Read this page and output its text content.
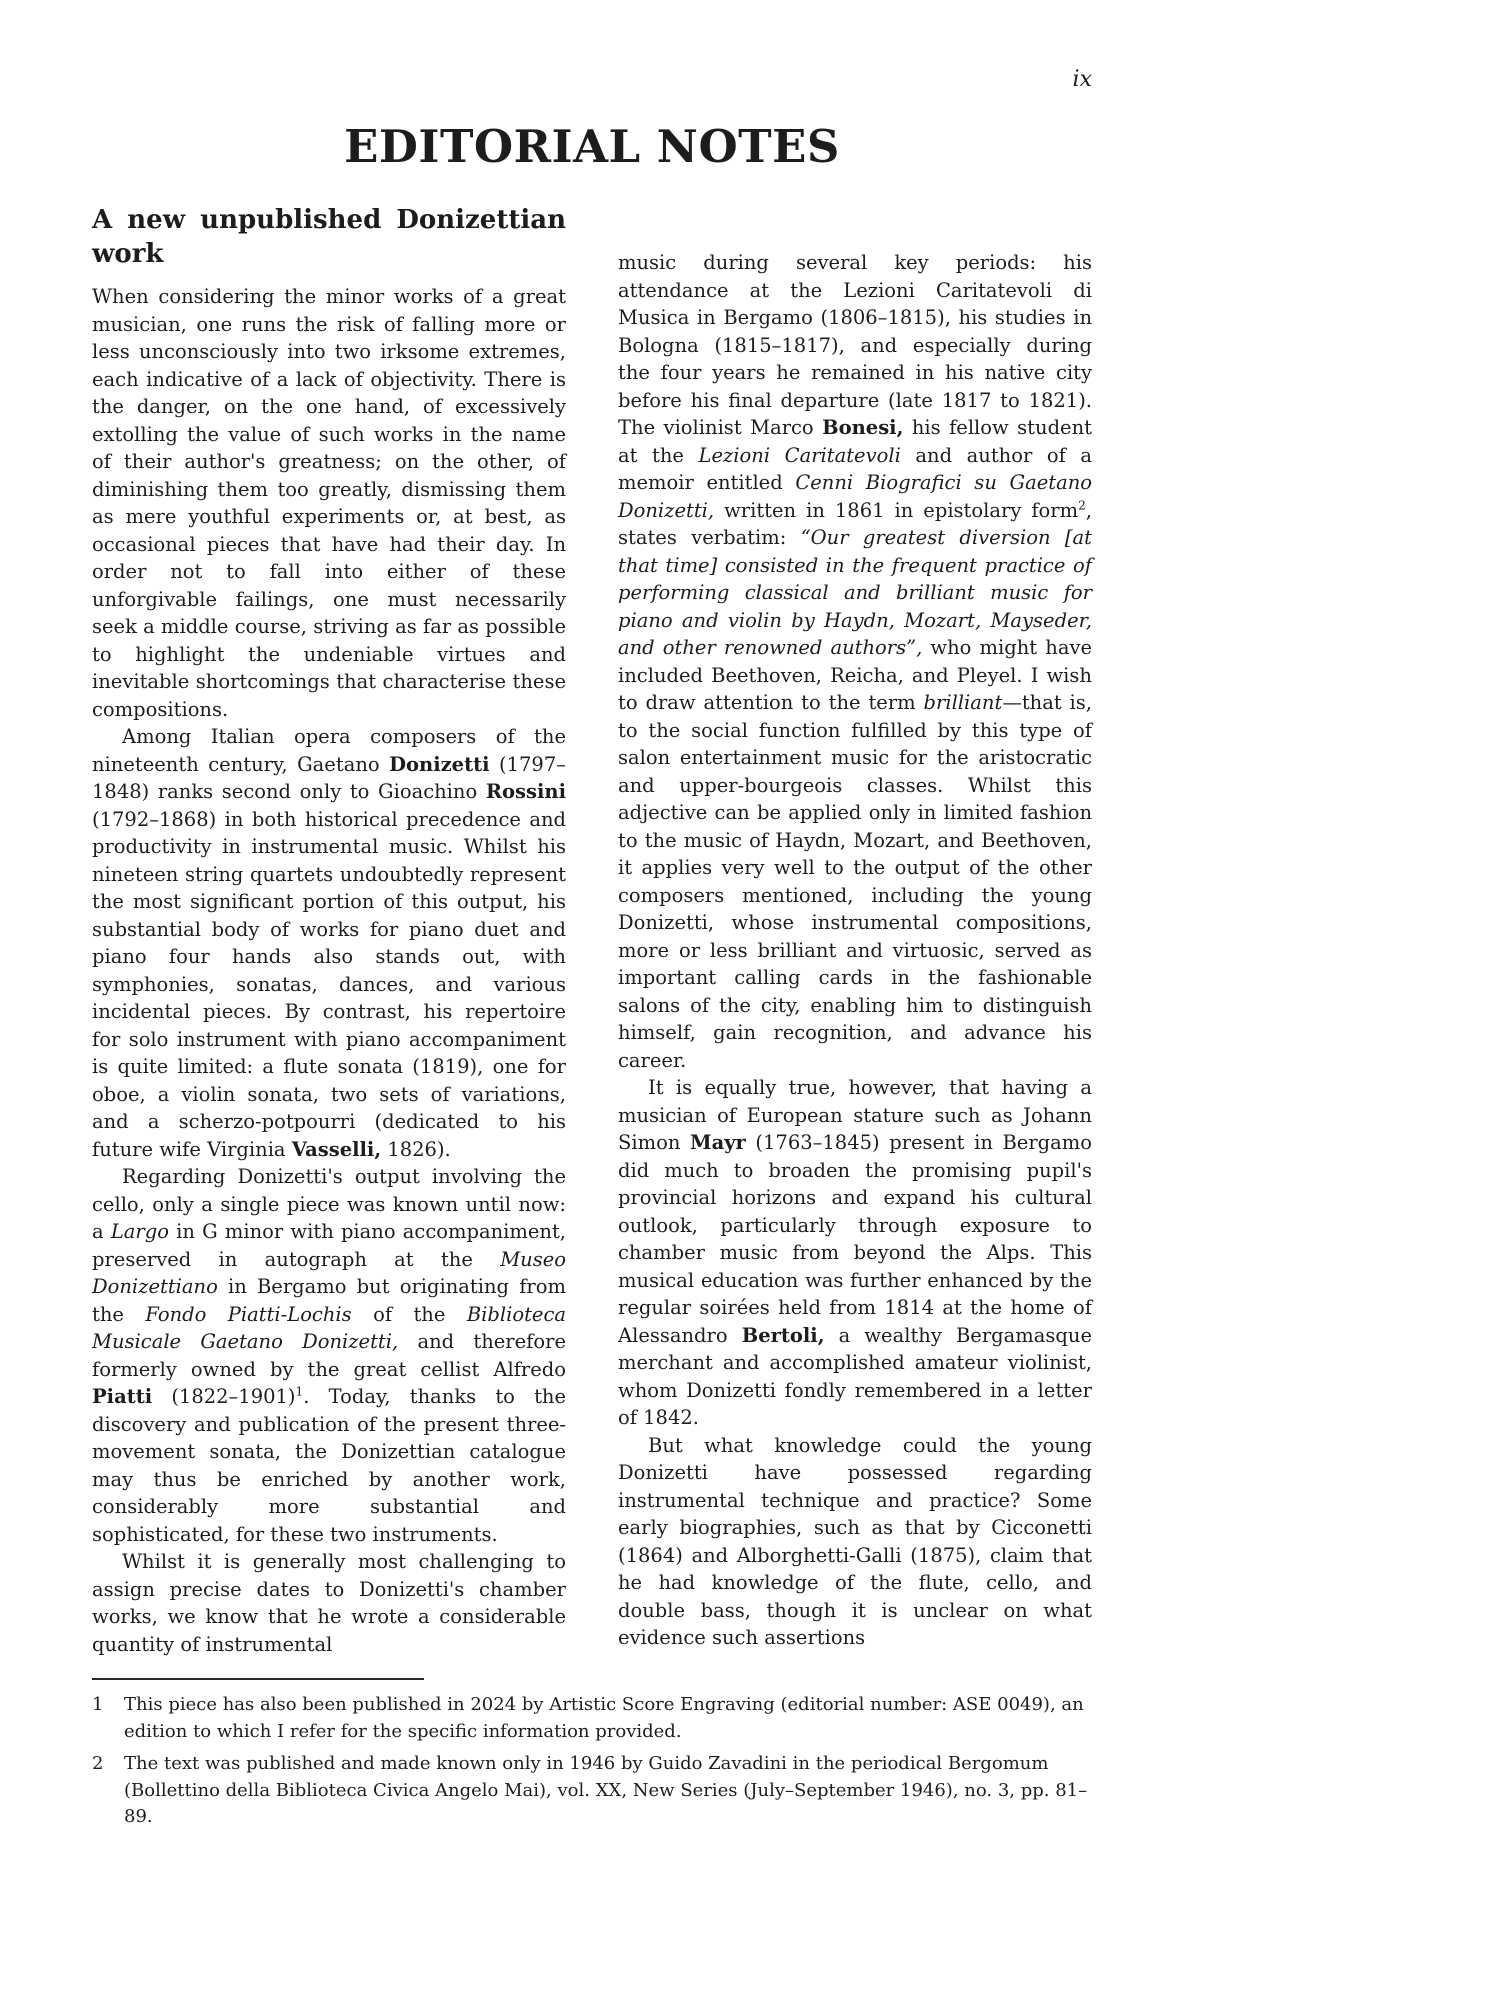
ix
EDITORIAL NOTES
A new unpublished Donizettian work

When considering the minor works of a great musician, one runs the risk of falling more or less unconsciously into two irksome extremes, each indicative of a lack of objectivity. There is the danger, on the one hand, of excessively extolling the value of such works in the name of their author's greatness; on the other, of diminishing them too greatly, dismissing them as mere youthful experiments or, at best, as occasional pieces that have had their day. In order not to fall into either of these unforgivable failings, one must necessarily seek a middle course, striving as far as possible to highlight the undeniable virtues and inevitable shortcomings that characterise these compositions.

Among Italian opera composers of the nineteenth century, Gaetano Donizetti (1797–1848) ranks second only to Gioachino Rossini (1792–1868) in both historical precedence and productivity in instrumental music. Whilst his nineteen string quartets undoubtedly represent the most significant portion of this output, his substantial body of works for piano duet and piano four hands also stands out, with symphonies, sonatas, dances, and various incidental pieces. By contrast, his repertoire for solo instrument with piano accompaniment is quite limited: a flute sonata (1819), one for oboe, a violin sonata, two sets of variations, and a scherzo-potpourri (dedicated to his future wife Virginia Vasselli, 1826).

Regarding Donizetti's output involving the cello, only a single piece was known until now: a Largo in G minor with piano accompaniment, preserved in autograph at the Museo Donizettiano in Bergamo but originating from the Fondo Piatti-Lochis of the Biblioteca Musicale Gaetano Donizetti, and therefore formerly owned by the great cellist Alfredo Piatti (1822–1901)$^1$. Today, thanks to the discovery and publication of the present three-movement sonata, the Donizettian catalogue may thus be enriched by another work, considerably more substantial and sophisticated, for these two instruments.

Whilst it is generally most challenging to assign precise dates to Donizetti's chamber works, we know that he wrote a considerable quantity of instrumental

music during several key periods: his attendance at the Lezioni Caritatevoli di Musica in Bergamo (1806–1815), his studies in Bologna (1815–1817), and especially during the four years he remained in his native city before his final departure (late 1817 to 1821). The violinist Marco Bonesi, his fellow student at the Lezioni Caritatevoli and author of a memoir entitled Cenni Biografici su Gaetano Donizetti, written in 1861 in epistolary form$^2$, states verbatim: “Our greatest diversion [at that time] consisted in the frequent practice of performing classical and brilliant music for piano and violin by Haydn, Mozart, Mayseder, and other renowned authors”, who might have included Beethoven, Reicha, and Pleyel. I wish to draw attention to the term brilliant—that is, to the social function fulfilled by this type of salon entertainment music for the aristocratic and upper-bourgeois classes. Whilst this adjective can be applied only in limited fashion to the music of Haydn, Mozart, and Beethoven, it applies very well to the output of the other composers mentioned, including the young Donizetti, whose instrumental compositions, more or less brilliant and virtuosic, served as important calling cards in the fashionable salons of the city, enabling him to distinguish himself, gain recognition, and advance his career.

It is equally true, however, that having a musician of European stature such as Johann Simon Mayr (1763–1845) present in Bergamo did much to broaden the promising pupil's provincial horizons and expand his cultural outlook, particularly through exposure to chamber music from beyond the Alps. This musical education was further enhanced by the regular soirées held from 1814 at the home of Alessandro Bertoli, a wealthy Bergamasque merchant and accomplished amateur violinist, whom Donizetti fondly remembered in a letter of 1842.

But what knowledge could the young Donizetti have possessed regarding instrumental technique and practice? Some early biographies, such as that by Cicconetti (1864) and Alborghetti-Galli (1875), claim that he had knowledge of the flute, cello, and double bass, though it is unclear on what evidence such assertions

1	This piece has also been published in 2024 by Artistic Score Engraving (editorial number: ASE 0049), an edition to which I refer for the specific information provided.
2	The text was published and made known only in 1946 by Guido Zavadini in the periodical Bergomum (Bollettino della Biblioteca Civica Angelo Mai), vol. XX, New Series (July–September 1946), no. 3, pp. 81–89.
